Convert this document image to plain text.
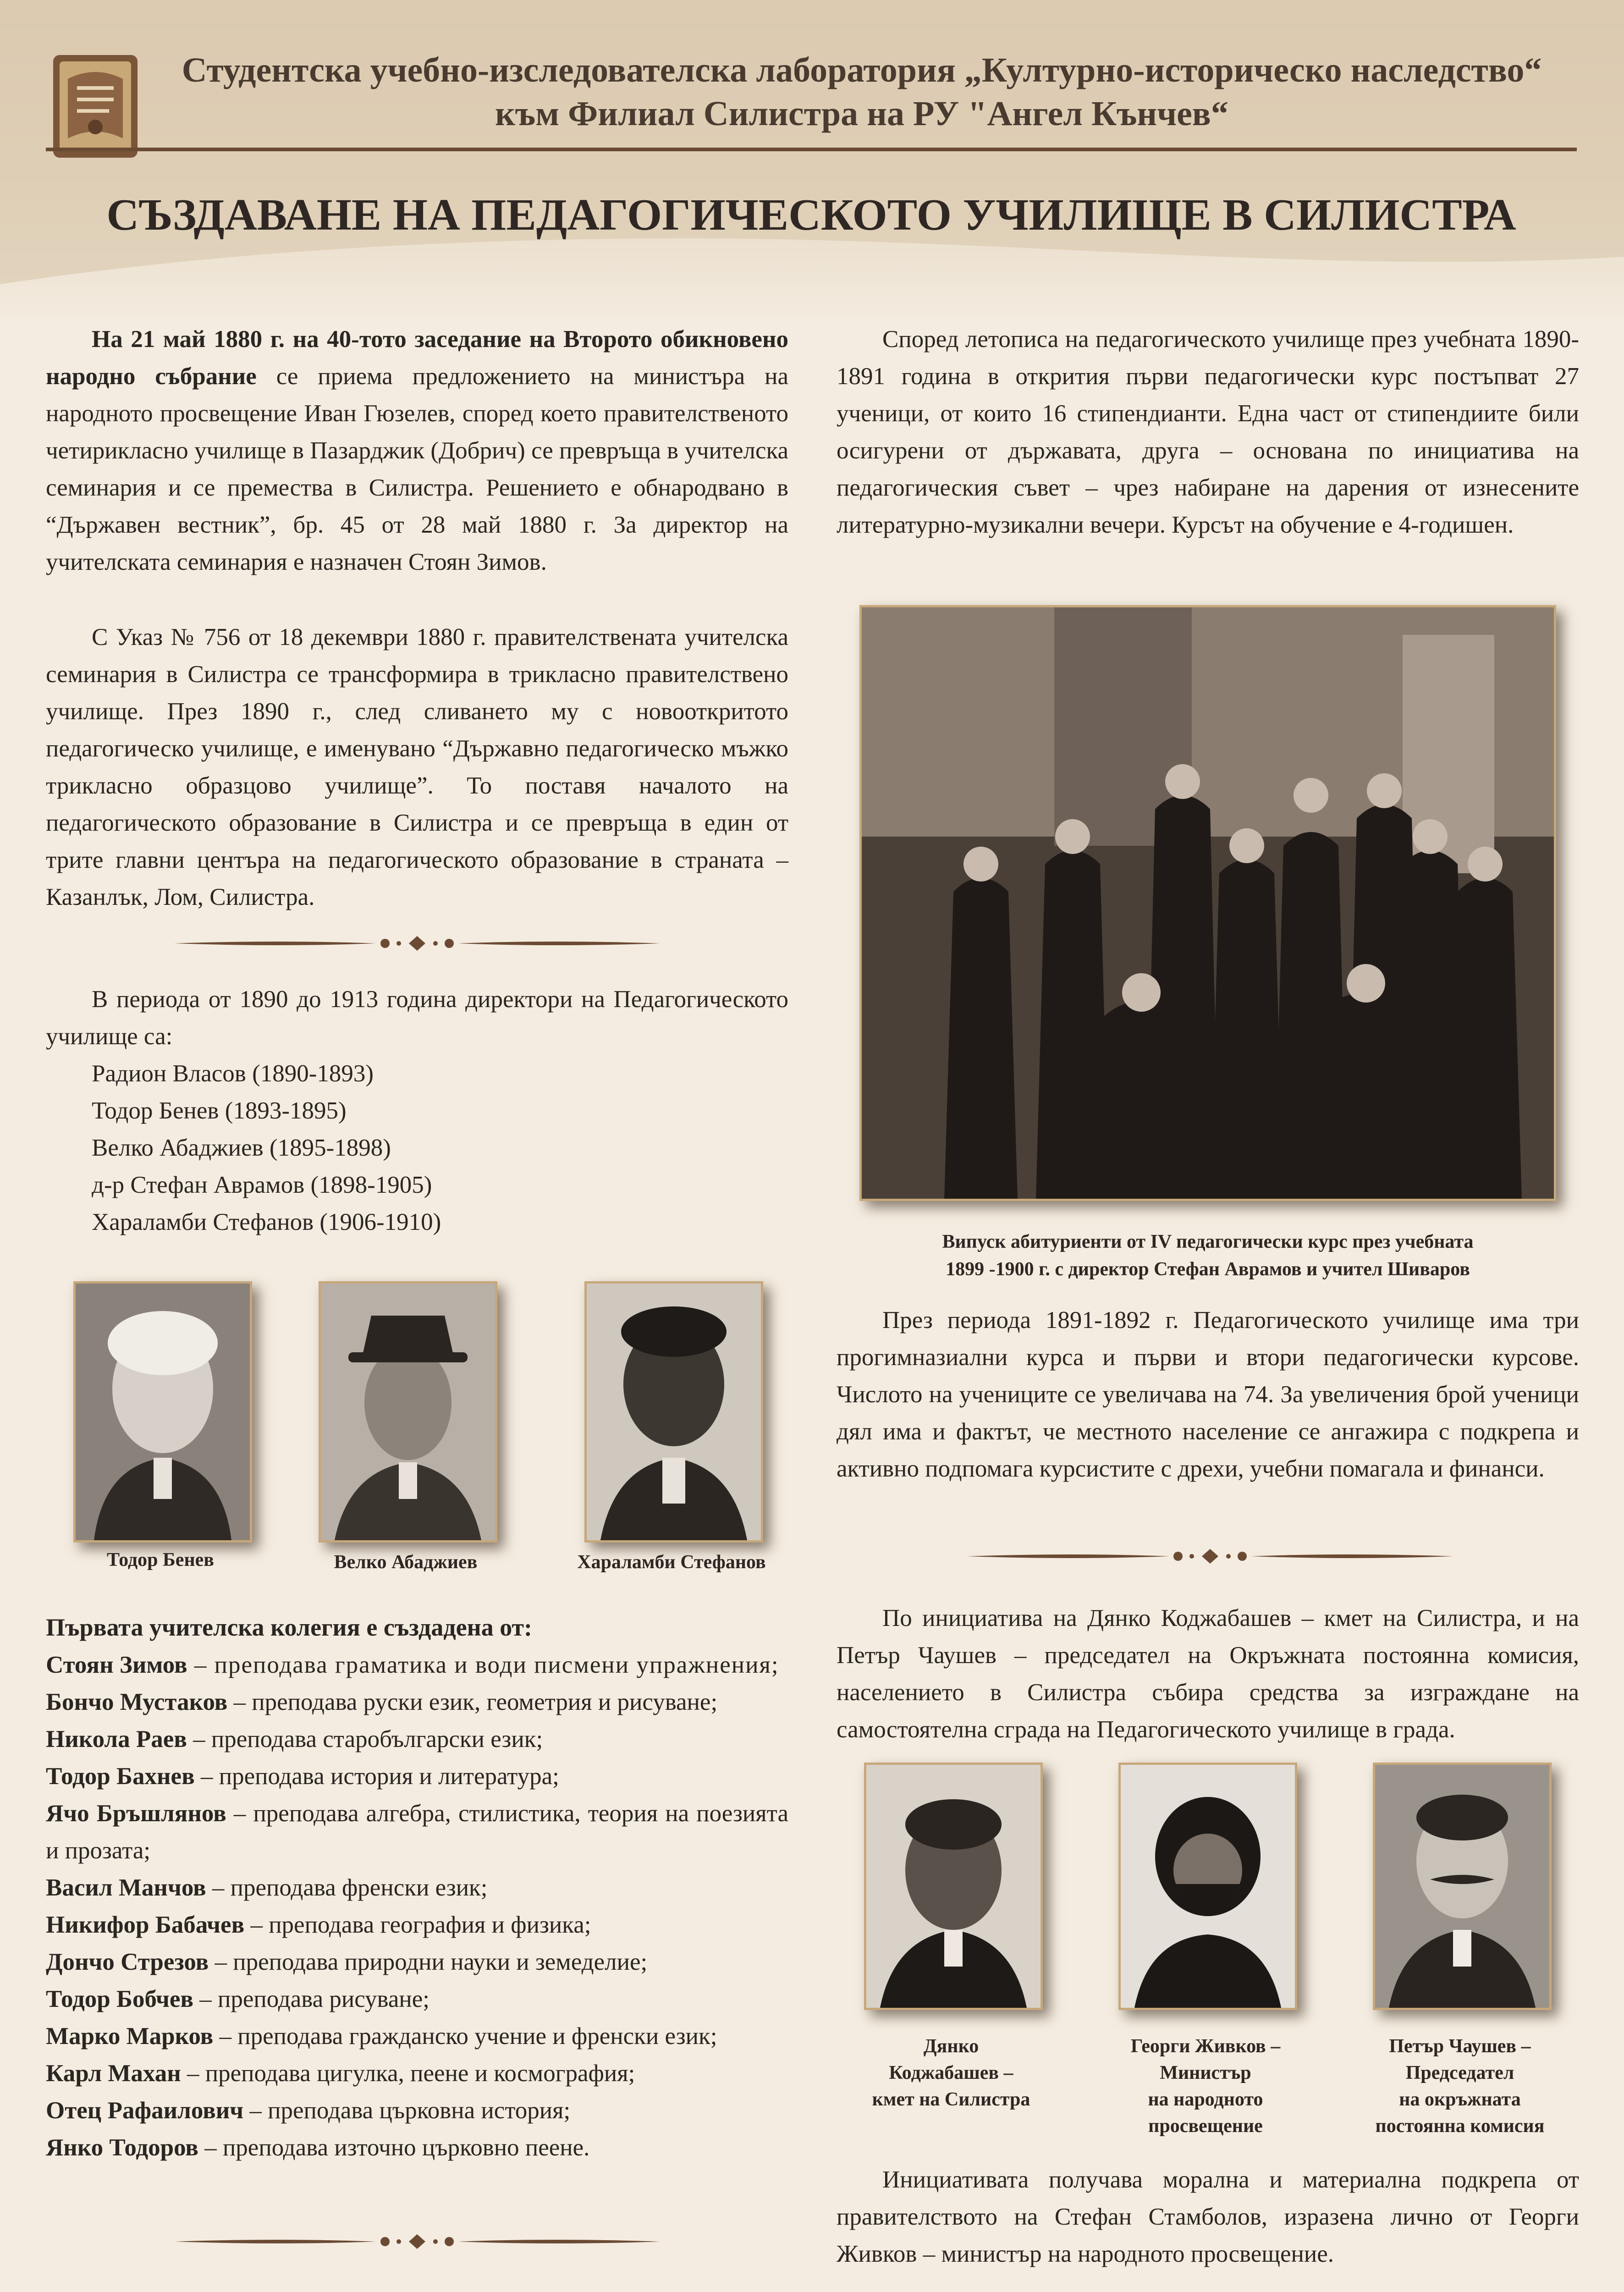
Студентска учебно-изследователска лаборатория „Културно-историческо наследство“
към Филиал Силистра на РУ "Ангел Кънчев“
СЪЗДАВАНЕ НА ПЕДАГОГИЧЕСКОТО УЧИЛИЩЕ В СИЛИСТРА

На 21 май 1880 г. на 40-тото заседание на Второто обикновено народно събрание се приема предложението на министъра на народното просвещение Иван Гюзелев, според което правителственото четирикласно училище в Пазарджик (Добрич) се превръща в учителска семинария и се премества в Силистра. Решението е обнародвано в “Държавен вестник”, бр. 45 от 28 май 1880 г. За директор на учителската семинария е назначен Стоян Зимов.

С Указ № 756 от 18 декември 1880 г. правителствената учителска семинария в Силистра се трансформира в трикласно правителствено училище. През 1890 г., след сливането му с новооткритото педагогическо училище, е именувано “Държавно педагогическо мъжко трикласно образцово училище”. То поставя началото на педагогическото образование в Силистра и се превръща в един от трите главни центъра на педагогическото образование в страната – Казанлък, Лом, Силистра.

В периода от 1890 до 1913 година директори на Педагогическото училище са:

Радион Власов (1890-1893)
Тодор Бенев (1893-1895)
Велко Абаджиев (1895-1898)
д-р Стефан Аврамов (1898-1905)
Хараламби Стефанов (1906-1910)
Тодор Бенев	Велко Абаджиев	Хараламби Стефанов

Първата учителска колегия е създадена от:

Стоян Зимов – преподава граматика и води писмени упражнения;
Бончо Мустаков – преподава руски език, геометрия и рисуване;
Никола Раев – преподава старобългарски език;
Тодор Бахнев – преподава история и литература;
Ячо Бръшлянов – преподава алгебра, стилистика, теория на поезията и прозата;
Васил Манчов – преподава френски език;
Никифор Бабачев – преподава география и физика;
Дончо Стрезов – преподава природни науки и земеделие;
Тодор Бобчев – преподава рисуване;
Марко Марков – преподава гражданско учение и френски език;
Карл Махан – преподава цигулка, пеене и космография;
Отец Рафаилович – преподава църковна история;
Янко Тодоров – преподава източно църковно пеене.

Според летописа на педагогическото училище през учебната 1890-1891 година в открития първи педагогически курс постъпват 27 ученици, от които 16 стипендианти. Една част от стипендиите били осигурени от държавата, друга – основана по инициатива на педагогическия съвет – чрез набиране на дарения от изнесените литературно-музикални вечери. Курсът на обучение е 4-годишен.

Випуск абитуриенти от IV педагогически курс през учебната
1899 -1900 г. с директор Стефан Аврамов и учител Шиваров

През периода 1891-1892 г. Педагогическото училище има три прогимназиални курса и първи и втори педагогически курсове. Числото на учениците се увеличава на 74. За увеличения брой ученици дял има и фактът, че местното население се ангажира с подкрепа и активно подпомага курсистите с дрехи, учебни помагала и финанси.

По инициатива на Дянко Коджабашев – кмет на Силистра, и на Петър Чаушев – председател на Окръжната постоянна комисия, населението в Силистра събира средства за изграждане на самостоятелна сграда на Педагогическото училище в града.

Дянко
Коджабашев –
кмет на Силистра
Георги Живков –
Министър
на народното
просвещение
Петър Чаушев –
Председател
на окръжната
постоянна комисия

Инициативата получава морална и материална подкрепа от правителството на Стефан Стамболов, изразена лично от Георги Живков – министър на народното просвещение.
